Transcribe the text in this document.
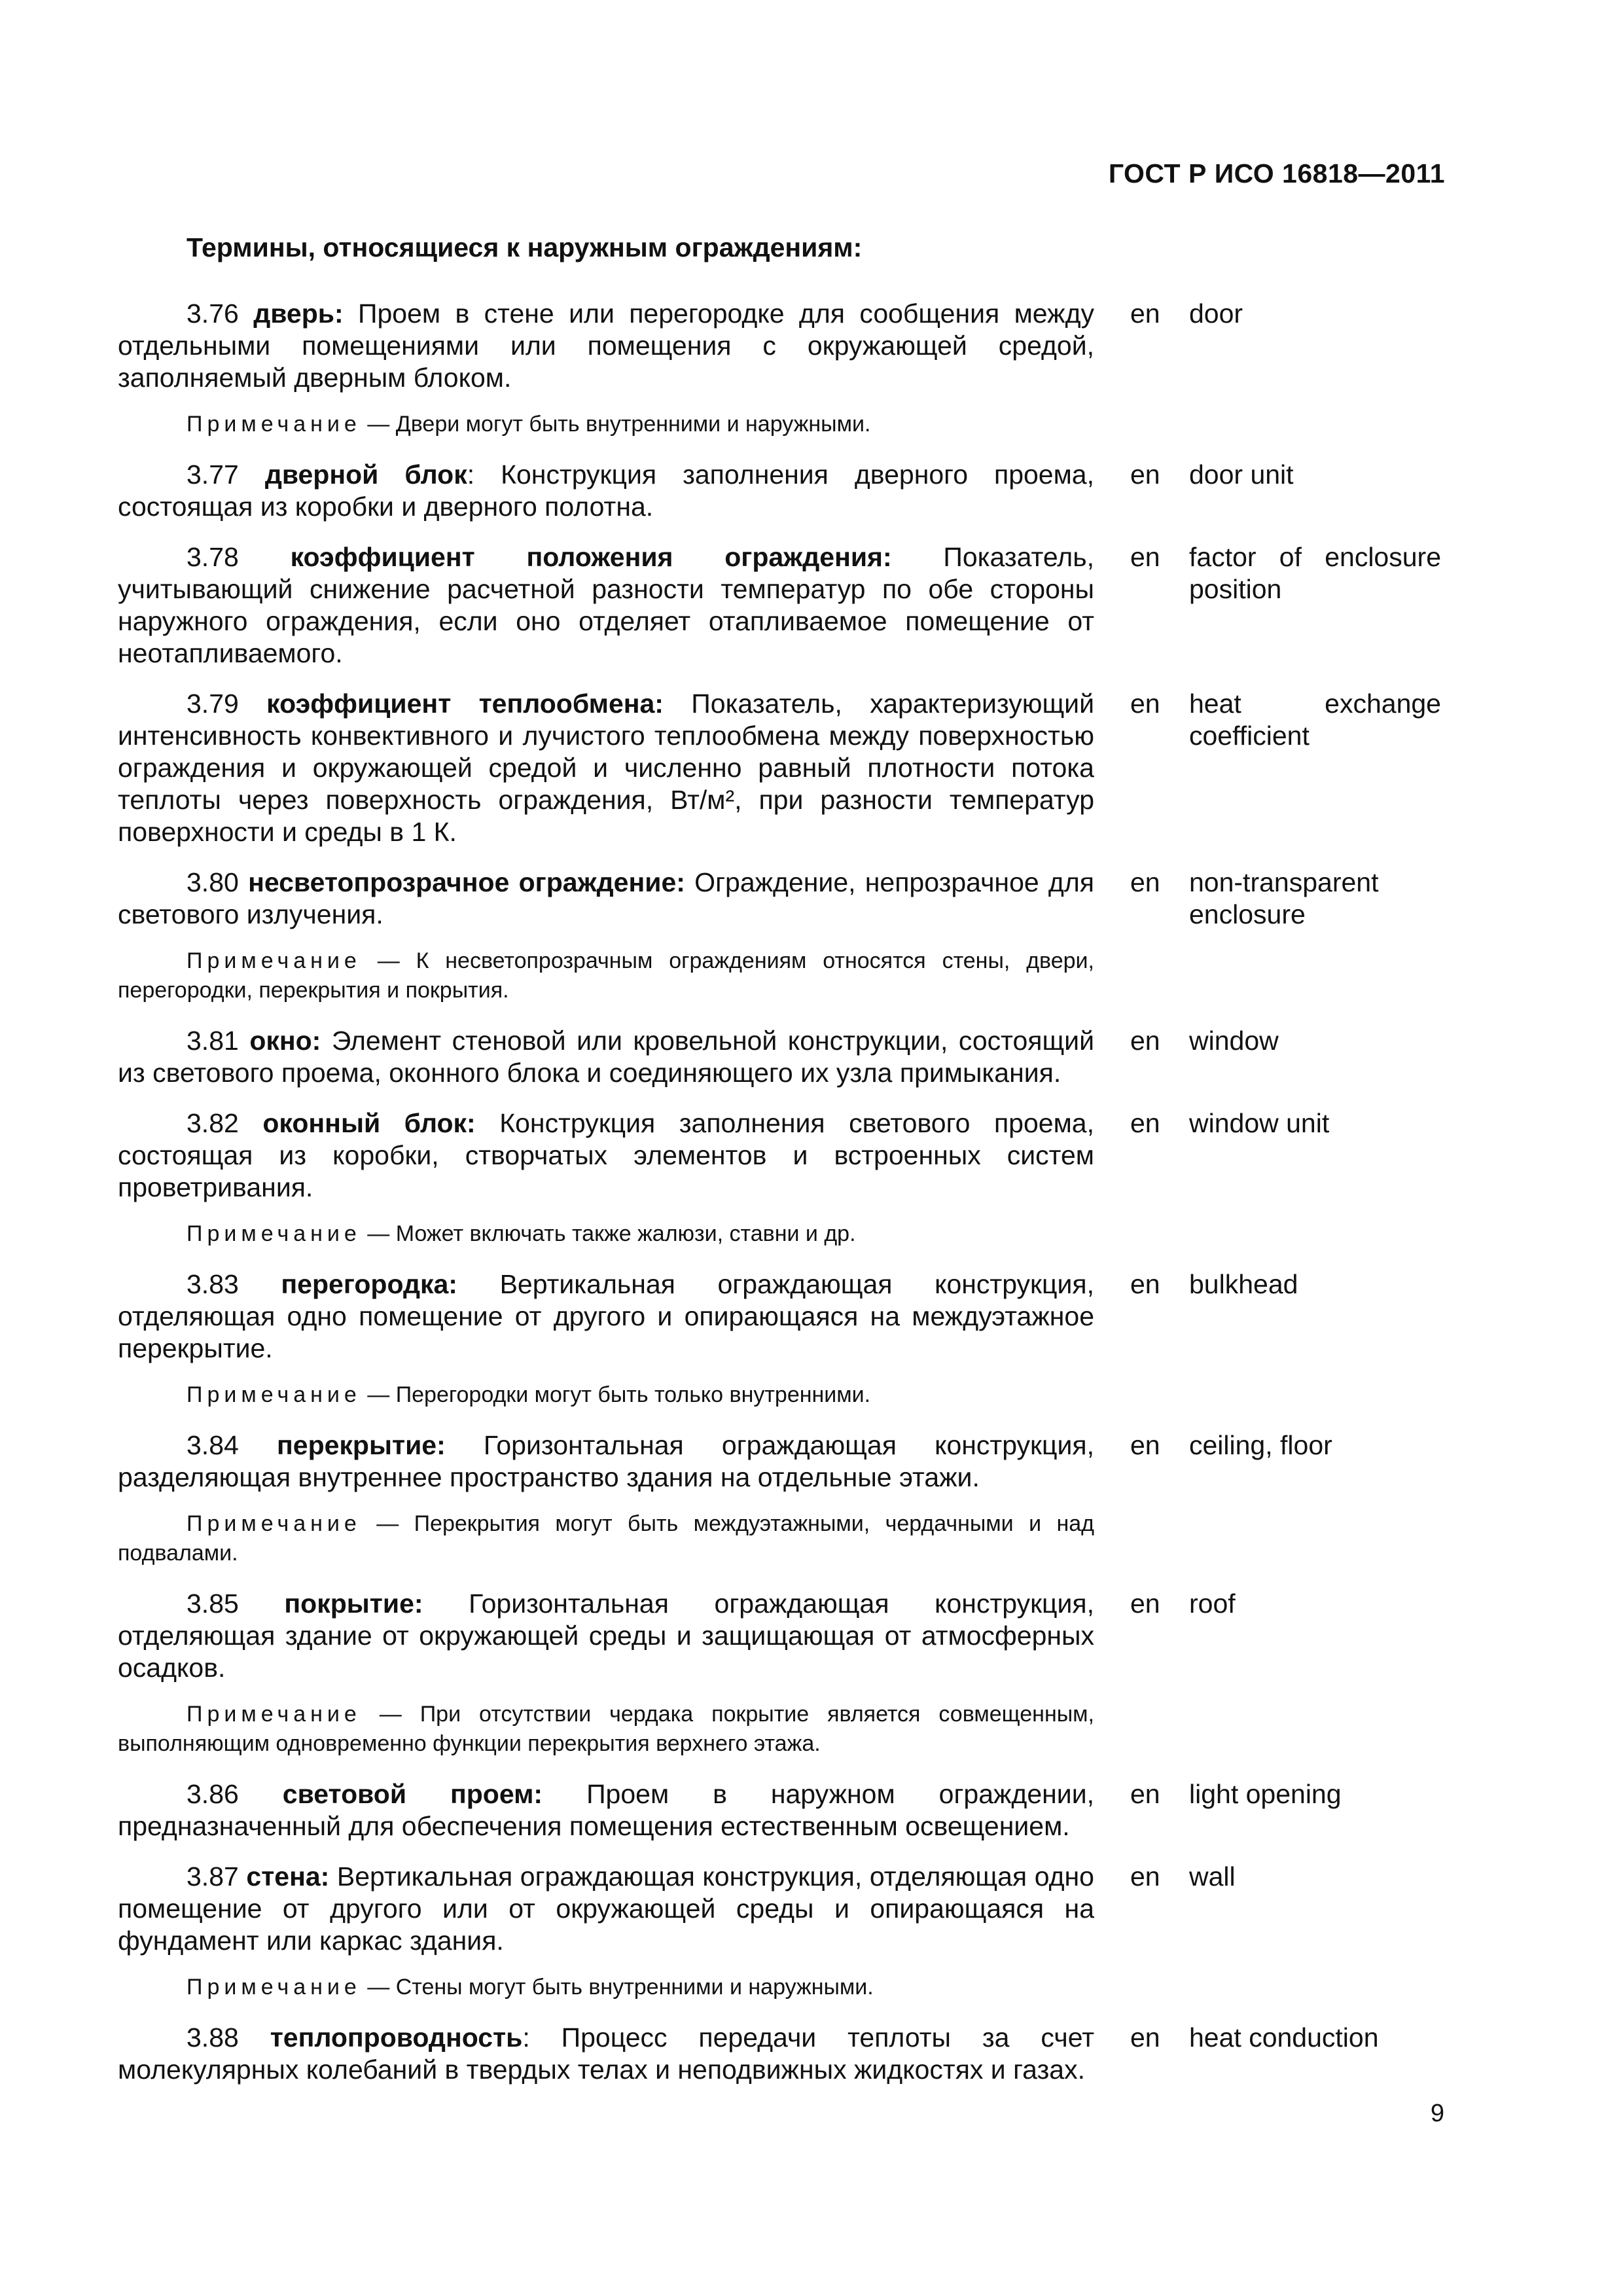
ГОСТ Р ИСО 16818—2011
Термины, относящиеся к наружным ограждениям:
3.76 дверь: Проем в стене или перегородке для сообщения между отдельными помещениями или помещения с окружающей средой, заполняемый дверным блоком.
en	door
Примечание — Двери могут быть внутренними и наружными.
3.77 дверной блок: Конструкция заполнения дверного проема, состоящая из коробки и дверного полотна.
en	door unit
3.78 коэффициент положения ограждения: Показатель, учитывающий снижение расчетной разности температур по обе стороны наружного ограждения, если оно отделяет отапливаемое помещение от неотапливаемого.
en	factor of enclosure position
3.79 коэффициент теплообмена: Показатель, характеризующий интенсивность конвективного и лучистого теплообмена между поверхностью ограждения и окружающей средой и численно равный плотности потока теплоты через поверхность ограждения, Вт/м², при разности температур поверхности и среды в 1 К.
en	heat exchange coefficient
3.80 несветопрозрачное ограждение: Ограждение, непрозрачное для светового излучения.
en	non-transparent enclosure
Примечание — К несветопрозрачным ограждениям относятся стены, двери, перегородки, перекрытия и покрытия.
3.81 окно: Элемент стеновой или кровельной конструкции, состоящий из светового проема, оконного блока и соединяющего их узла примыкания.
en	window
3.82 оконный блок: Конструкция заполнения светового проема, состоящая из коробки, створчатых элементов и встроенных систем проветривания.
en	window unit
Примечание — Может включать также жалюзи, ставни и др.
3.83 перегородка: Вертикальная ограждающая конструкция, отделяющая одно помещение от другого и опирающаяся на междуэтажное перекрытие.
en	bulkhead
Примечание — Перегородки могут быть только внутренними.
3.84 перекрытие: Горизонтальная ограждающая конструкция, разделяющая внутреннее пространство здания на отдельные этажи.
en	ceiling, floor
Примечание — Перекрытия могут быть междуэтажными, чердачными и над подвалами.
3.85 покрытие: Горизонтальная ограждающая конструкция, отделяющая здание от окружающей среды и защищающая от атмосферных осадков.
en	roof
Примечание — При отсутствии чердака покрытие является совмещенным, выполняющим одновременно функции перекрытия верхнего этажа.
3.86 световой проем: Проем в наружном ограждении, предназначенный для обеспечения помещения естественным освещением.
en	light opening
3.87 стена: Вертикальная ограждающая конструкция, отделяющая одно помещение от другого или от окружающей среды и опирающаяся на фундамент или каркас здания.
en	wall
Примечание — Стены могут быть внутренними и наружными.
3.88 теплопроводность: Процесс передачи теплоты за счет молекулярных колебаний в твердых телах и неподвижных жидкостях и газах.
en	heat conduction
9
